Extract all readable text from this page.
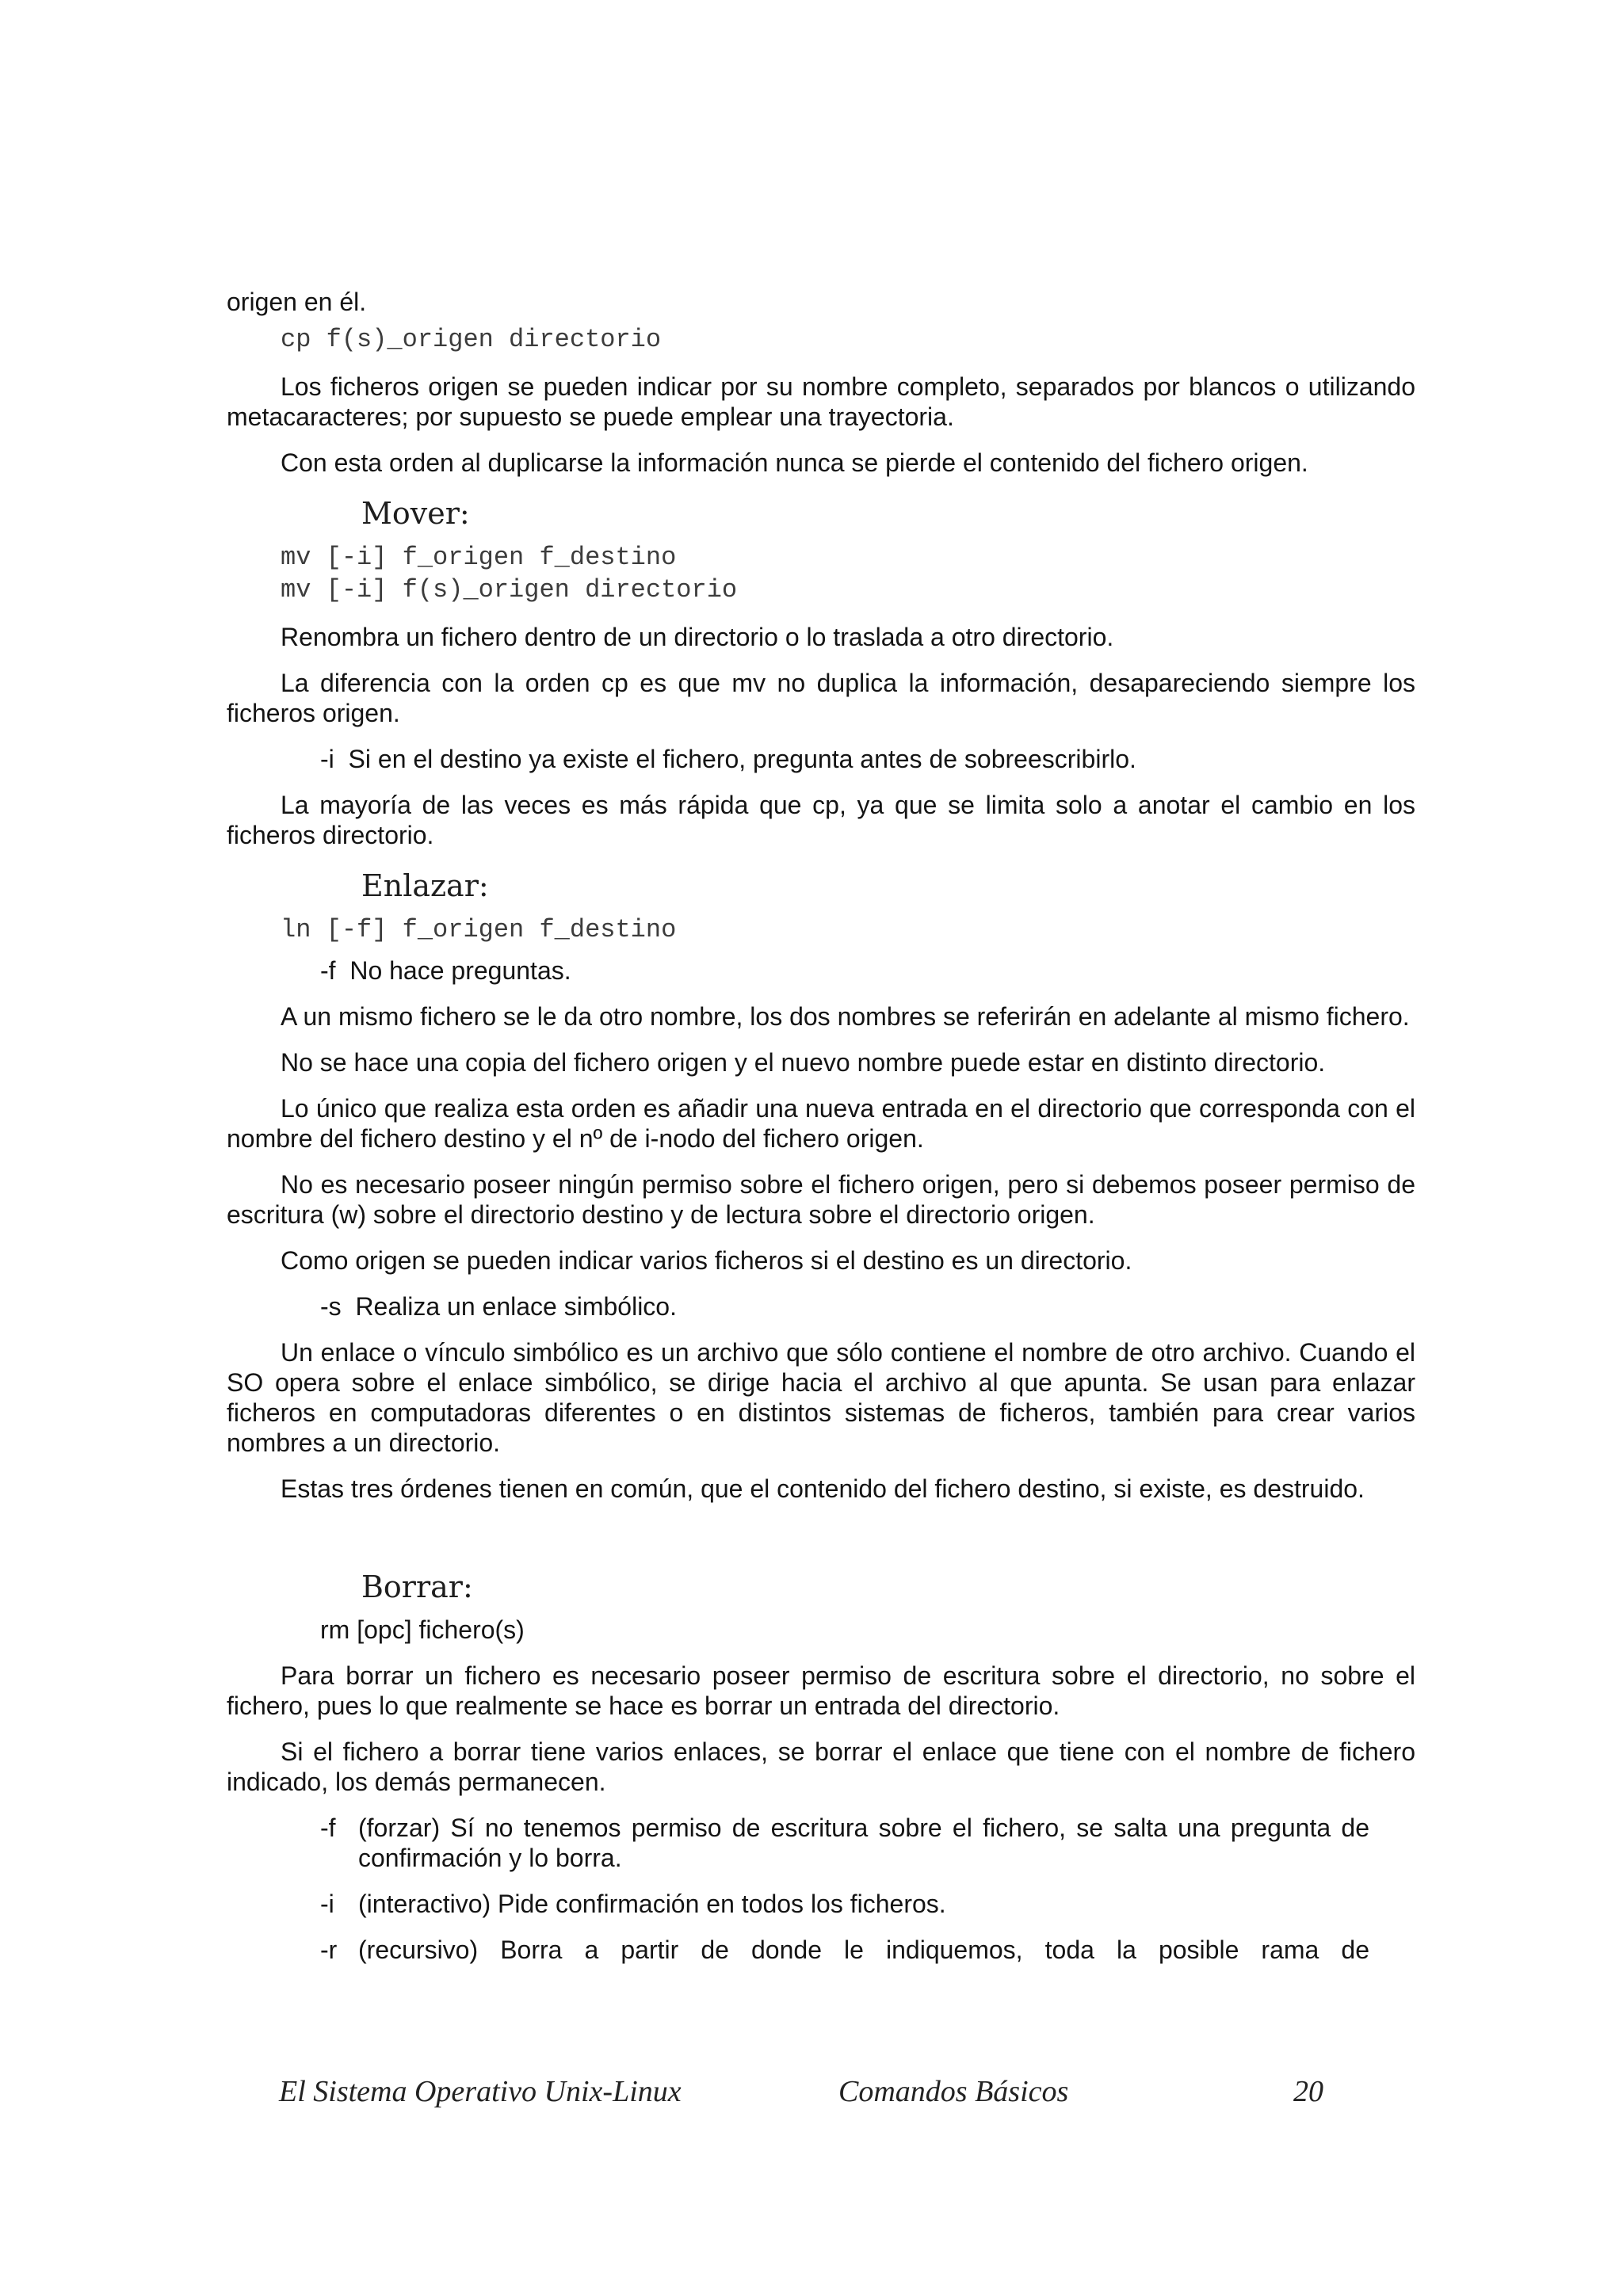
origen en él.

cp f(s)_origen directorio

Los ficheros origen se pueden indicar por su nombre completo, separados por blancos o utilizando metacaracteres; por supuesto se puede emplear una trayectoria.

Con esta orden al duplicarse la información nunca se pierde el contenido del fichero origen.

Mover:
mv [-i] f_origen f_destino
mv [-i] f(s)_origen directorio

Renombra un fichero dentro de un directorio o lo traslada a otro directorio.

La diferencia con la orden cp es que mv no duplica la información, desapareciendo siempre los ficheros origen.

-i Si en el destino ya existe el fichero, pregunta antes de sobreescribirlo.

La mayoría de las veces es más rápida que cp, ya que se limita solo a anotar el cambio en los ficheros directorio.

Enlazar:
ln [-f] f_origen f_destino
-f No hace preguntas.

A un mismo fichero se le da otro nombre, los dos nombres se referirán en adelante al mismo fichero.

No se hace una copia del fichero origen y el nuevo nombre puede estar en distinto directorio.

Lo único que realiza esta orden es añadir una nueva entrada en el directorio que corresponda con el nombre del fichero destino y el nº de i-nodo del fichero origen.

No es necesario poseer ningún permiso sobre el fichero origen, pero si debemos poseer permiso de escritura (w) sobre el directorio destino y de lectura sobre el directorio origen.

Como origen se pueden indicar varios ficheros si el destino es un directorio.

-s Realiza un enlace simbólico.

Un enlace o vínculo simbólico es un archivo que sólo contiene el nombre de otro archivo. Cuando el SO opera sobre el enlace simbólico, se dirige hacia el archivo al que apunta. Se usan para enlazar ficheros en computadoras diferentes o en distintos sistemas de ficheros, también para crear varios nombres a un directorio.

Estas tres órdenes tienen en común, que el contenido del fichero destino, si existe, es destruido.

Borrar:
rm [opc] fichero(s)

Para borrar un fichero es necesario poseer permiso de escritura sobre el directorio, no sobre el fichero, pues lo que realmente se hace es borrar un entrada del directorio.

Si el fichero a borrar tiene varios enlaces, se borrar el enlace que tiene con el nombre de fichero indicado, los demás permanecen.

-f (forzar) Sí no tenemos permiso de escritura sobre el fichero, se salta una pregunta de confirmación y lo borra.
-i (interactivo) Pide confirmación en todos los ficheros.
-r (recursivo) Borra a partir de donde le indiquemos, toda la posible rama de
El Sistema Operativo Unix-Linux	Comandos Básicos	20
